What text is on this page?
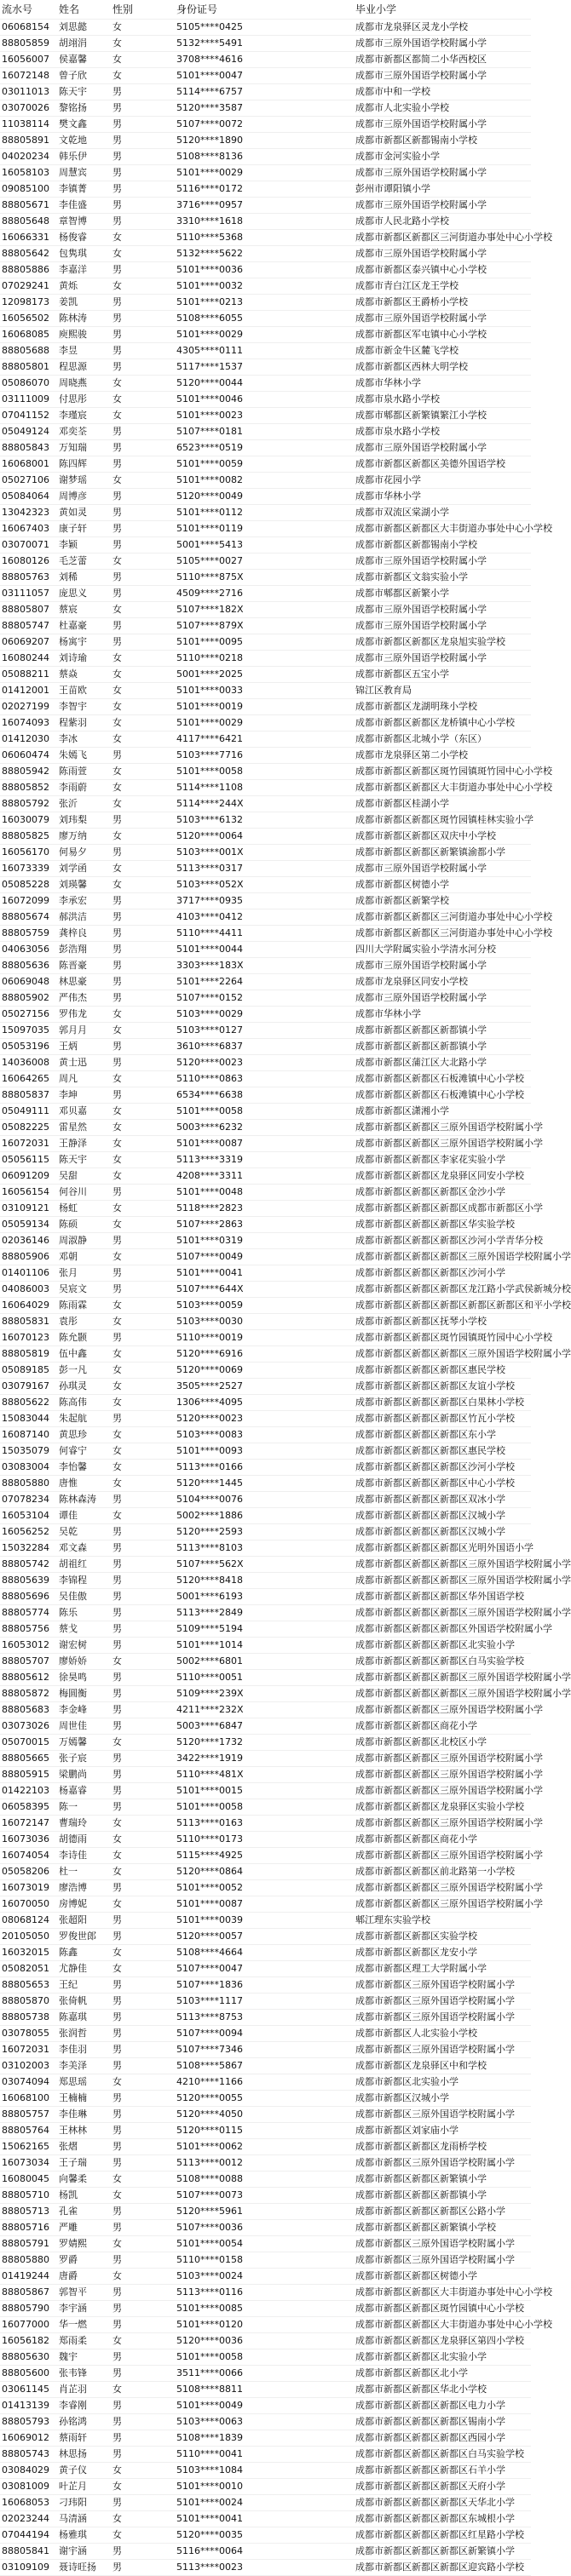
流水号	姓名	性别	身份证号	毕业小学
06068154	刘思懿	女	5105****0425	成都市龙泉驿区灵龙小学校
88805859	胡翊涓	女	5132****5491	成都市三原外国语学校附属小学
16056007	侯嘉馨	女	3708****4616	成都市新都区都简二小华西校区
16072148	曾子欣	女	5101****0047	成都市三原外国语学校附属小学
03011013	陈天宇	男	5114****6757	成都市中和一学校
03070026	黎铭扬	男	5120****3587	成都市人北实验小学校
11038114	樊文鑫	男	5107****0072	成都市三原外国语学校附属小学
88805891	文乾地	男	5120****1890	成都市新都区新都锡南小学校
04020234	韩乐伊	男	5108****8136	成都市金河实验小学
16058103	周慧宾	男	5101****0029	成都市三原外国语学校附属小学
09085100	李镇菁	男	5116****0172	彭州市谭阳镇小学
88805671	李佳盛	男	3716****0957	成都市三原外国语学校附属小学
88805648	章智博	男	3310****1618	成都市人民北路小学校
16066331	杨俊睿	女	5110****5368	成都市新都区新都区三河街道办事处中心小学校
88805642	包隽琪	女	5132****5622	成都市三原外国语学校附属小学
88805886	李嘉洋	男	5101****0036	成都市新都区泰兴镇中心小学校
07029241	黄烁	女	5101****0032	成都市青白江区龙王学校
12098173	姜凯	男	5101****0213	成都市新都区王爵桥小学校
16056502	陈林涛	男	5108****6055	成都市三原外国语学校附属小学
16068085	庾熙骏	男	5101****0029	成都市新都区军屯镇中心小学校
88805688	李昱	男	4305****0111	成都市新金牛区麓飞学校
88805801	程思源	男	5117****1537	成都市新都区西林大明学校
05086070	周晓燕	女	5120****0044	成都市华林小学
03111009	付思彤	女	5101****0046	成都市泉水路小学校
07041152	李瑾宸	女	5101****0023	成都市郫都区新繁镇繁江小学校
05049124	邓奕荃	男	5107****0181	成都市泉水路小学校
88805843	万知瑞	男	6523****0519	成都市三原外国语学校附属小学
16068001	陈四辉	男	5101****0059	成都市新都区新都区美德外国语学校
05027106	谢梦瑶	女	5101****0082	成都市花园小学
05084064	周博彦	男	5120****0049	成都市华林小学
13042323	黄如灵	男	5101****0112	成都市双流区棠湖小学
16067403	康子轩	男	5101****0119	成都市新都区新都区大丰街道办事处中心小学校
03070071	李颖	男	5001****5413	成都市新都区新都锡南小学校
16080126	毛芝蕾	女	5105****0027	成都市三原外国语学校附属小学
88805763	刘稀	男	5110****875X	成都市新都区文翁实验小学
03111057	庞思义	男	4509****2716	成都市郫都区新繁小学
88805807	蔡宸	女	5107****182X	成都市三原外国语学校附属小学
88805747	杜嘉豪	男	5107****879X	成都市三原外国语学校附属小学
06069207	杨寓宇	男	5101****0095	成都市新都区新都区龙泉旭实验学校
16080244	刘诗瑜	女	5110****0218	成都市三原外国语学校附属小学
05088211	蔡焱	女	5001****2025	成都市新都区五宝小学
01412001	王苗欧	女	5101****0033	锦江区教育局
02027199	李智宇	女	5101****0019	成都市新都区龙湖明珠小学校
16074093	程紫羽	女	5101****0029	成都市新都区新都区龙桥镇中心小学校
01412030	李冰	女	4117****6421	成都市新都区北城小学（东区）
06060474	朱嫣飞	男	5103****7716	成都市龙泉驿区第二小学校
88805942	陈雨萱	女	5101****0058	成都市新都区新都区斑竹园镇斑竹园中心小学校
88805852	李雨蔚	女	5114****1108	成都市新都区新都区大丰街道办事处中心小学校
88805792	张沂	女	5114****244X	成都市新都区桂湖小学
16030079	刘玮梨	男	5103****6132	成都市新都区新都区斑竹园镇桂林实验小学
88805825	廖万纳	女	5120****0064	成都市新都区新都区双庆中小学校
16056170	何易夕	男	5103****001X	成都市新都区新都区新繁镇渝都小学
16073339	刘学函	女	5113****0317	成都市三原外国语学校附属小学
05085228	刘瑛馨	女	5103****052X	成都市新都区树德小学
16072099	李承宏	男	3717****0935	成都市新都区新繁学校
88805674	郝洪洁	男	4103****0412	成都市新都区新都区三河街道办事处中心小学校
88805759	龚梓良	男	5110****4411	成都市新都区新都区三河街道办事处中心小学校
04063056	彭浩翔	男	5101****0044	四川大学附属实验小学清水河分校
88805636	陈晋豪	男	3303****183X	成都市三原外国语学校附属小学
06069048	林思豪	男	5101****2264	成都市龙泉驿区同安小学校
88805902	严伟杰	男	5107****0152	成都市三原外国语学校附属小学
05027156	罗伟龙	女	5103****0029	成都市华林小学
15097035	郭月月	女	5103****0127	成都市新都区新都区新都镇小学
05053196	王炳	男	3610****6837	成都市新都区新都区新都镇小学
14036008	黄士迅	男	5120****0023	成都市新都区蒲江区大北路小学
16064265	周凡	女	5110****0863	成都市新都区新都区石板滩镇中心小学校
88805837	李坤	男	6534****6638	成都市新都区新都区石板滩镇中心小学校
05049111	邓贝嘉	女	5101****0058	成都市新都区潇湘小学
05082225	雷星然	女	5003****6232	成都市新都区新都区三原外国语学校附属小学
16072031	王静泽	女	5101****0087	成都市新都区新都区三原外国语学校附属小学
05056115	陈天宇	女	5113****3319	成都市新都区新都区李家花实验小学
06091209	吴甜	女	4208****3311	成都市新都区新都区龙泉驿区同安小学校
16056154	何谷川	男	5101****0048	成都市新都区新都区新都区金沙小学
03109121	杨虹	女	5118****2823	成都市新都区新都区新都区成都市新都区小学
05059134	陈硕	女	5107****2863	成都市新都区新都区新都区华实验学校
02036146	周淑静	男	5101****0319	成都市新都区新都区新都区沙河小学青华分校
88805906	邓朝	女	5107****0049	成都市新都区新都区新都区三原外国语学校附属小学
01401106	张月	男	5101****0041	成都市新都区新都区新都区沙河小学
04086003	吴宸文	男	5107****644X	成都市新都区新都区新都区龙江路小学武侯新城分校
16064029	陈雨霖	女	5103****0059	成都市新都区新都区新都区新都区新都区和平小学校
88805831	袁彤	女	5103****0030	成都市新都区新都区抚琴小学校
16070123	陈允颢	男	5110****0019	成都市新都区新都区斑竹园镇斑竹园中心小学校
88805819	伍中鑫	女	5120****6916	成都市新都区新都区新都区三原外国语学校附属小学
05089185	彭一凡	女	5120****0069	成都市新都区新都区新都区惠民学校
03079167	孙琪灵	女	3505****2527	成都市新都区新都区新都区友谊小学校
88805622	陈高伟	女	1306****4095	成都市新都区新都区新都区白果林小学校
15083044	朱起航	男	5120****0023	成都市新都区新都区新都区竹瓦小学校
16087140	黄思珍	女	5103****0083	成都市新都区新都区新都区东小学
15035079	何睿宁	女	5101****0093	成都市新都区新都区新都区惠民学校
03083004	李怡馨	女	5113****0166	成都市新都区新都区新都区沙河小学校
88805880	唐惟	女	5120****1445	成都市新都区新都区新都区中心小学校
07078234	陈林森涛	男	5104****0076	成都市新都区新都区新都区双冰小学
16053104	谭佳	女	5002****1886	成都市新都区新都区新都区汉城小学
16056252	吴乾	男	5120****2593	成都市新都区新都区新都区汉城小学
15032284	邓文森	男	5113****8103	成都市新都区新都区新都区光明外国语小学
88805742	胡祖红	男	5107****562X	成都市新都区新都区新都区三原外国语学校附属小学
88805639	李锦程	男	5120****8418	成都市新都区新都区新都区三原外国语学校附属小学
88805696	吴佳傲	男	5001****6193	成都市新都区新都区新都区华外国语学校
88805774	陈乐	男	5113****2849	成都市新都区新都区新都区三原外国语学校附属小学
88805756	蔡戈	男	5109****5194	成都市新都区新都区新都区外国语学校附属小学
16053012	谢宏树	男	5101****1014	成都市新都区新都区新都区北实验小学
88805707	廖娇娇	女	5002****6801	成都市新都区新都区新都区白马实验学校
88805612	徐昊鸣	男	5110****0051	成都市新都区新都区新都区三原外国语学校附属小学
88805872	梅圆衡	男	5109****239X	成都市新都区新都区新都区三原外国语学校附属小学
88805683	李金峰	男	4211****232X	成都市新都区新都区三原外国语学校附属小学
03073026	周世佳	男	5003****6847	成都市新都区新都区商花小学
05070015	万嫣馨	女	5120****1732	成都市新都区新都区北校区小学
88805665	张子宸	男	3422****1919	成都市新都区新都区三原外国语学校附属小学
88805915	梁鹏尚	男	5110****481X	成都市新都区新都区三原外国语学校附属小学
01422103	杨嘉睿	男	5101****0015	成都市新都区新都区三原外国语学校附属小学
06058395	陈一	男	5101****0058	成都市新都区新都区龙泉驿区实验小学校
16072147	曹瑞玲	女	5113****0163	成都市新都区新都区三原外国语学校附属小学
16073036	胡德雨	女	5110****0173	成都市新都区新都区商花小学
16074054	李诗佳	女	5115****4925	成都市新都区新都区三原外国语学校附属小学
05058206	杜一	女	5120****0864	成都市新都区新都区前北路第一小学校
16073019	廖浩博	男	5101****0052	成都市新都区新都区三原外国语学校附属小学
16070050	房博妮	女	5101****0087	成都市新都区新都区三原外国语学校附属小学
08068124	张超阳	男	5101****0039	郫江理东实验学校
20105050	罗俊世郎	男	5120****0057	成都市新都区新都区实验学校
16032015	陈鑫	女	5108****4664	成都市新都区新都区龙安小学
05082051	尤静佳	女	5107****0047	成都市新都区理工大学附属小学
88805653	王纪	男	5107****1836	成都市新都区三原外国语学校附属小学
88805870	张倚帆	男	5103****1117	成都市新都区三原外国语学校附属小学
88805738	陈嘉琪	男	5113****8753	成都市新都区三原外国语学校附属小学
03078055	张润哲	男	5107****0094	成都市新都区人北实验小学校
16072031	李佳羽	男	5107****7346	成都市新都区三原外国语学校附属小学
03102003	李美泽	男	5108****5867	成都市新都区龙泉驿区中和学校
03074094	郑思瑶	女	4210****1166	成都市新都区北实验小学
16068100	王楠楠	男	5120****0055	成都市新都区汉城小学
88805757	李佳琳	男	5120****4050	成都市新都区三原外国语学校附属小学
88805764	王林林	男	5120****0115	成都市新都区刘家庙小学
15062165	张熠	男	5101****0062	成都市新都区新都区龙雨桥学校
16073034	王子瑞	男	5113****0012	成都市新都区三原外国语学校附属小学
16080045	向馨柔	女	5108****0088	成都市新都区新都区新繁镇小学
88805710	杨凯	女	5107****0073	成都市新都区新都区新都镇小学
88805713	孔雀	男	5120****5961	成都市新都区新都区新都区公路小学
88805716	严雕	男	5107****0036	成都市新都区新都区新繁镇小学校
88805791	罗婧熙	女	5101****0054	成都市新都区三原外国语学校附属小学
88805880	罗爵	男	5110****0158	成都市新都区三原外国语学校附属小学
01419244	唐爵	女	5103****0024	成都市新都区新都区树德小学
88805867	郭智平	男	5113****0116	成都市新都区新都区大丰街道办事处中心小学校
88805790	李宇涵	男	5101****0085	成都市新都区新都区斑竹园镇中心小学校
16077000	华一燃	男	5101****0120	成都市新都区新都区大丰街道办事处中心小学校
16056182	郑雨柔	女	5120****0036	成都市新都区新都区龙泉驿区第四小学校
88805630	魏宇	男	5101****0058	成都市新都区新都区北实验小学
88805600	张韦锋	男	3511****0066	成都市新都区新都区北小学
03061145	肖芷羽	女	5108****8811	成都市新都区新都区华北小学校
01413139	李睿刚	男	5101****0049	成都市新都区新都区新都区电力小学
88805793	孙铭鸿	男	5103****0063	成都市新都区新都区新都区锡南小学
16069012	蔡雨轩	男	5108****1839	成都市新都区新都区新都区西园小学
88805743	林思扬	男	5110****0041	成都市新都区新都区新都区白马实验学校
03084029	黄子仪	女	5103****1084	成都市新都区新都区新都区石羊小学
03081009	叶芷月	女	5101****0010	成都市新都区新都区新都区天府小学
16068053	刁玮阳	男	5101****0024	成都市新都区新都区新都区天华北小学
02023244	马清涵	女	5101****0041	成都市新都区新都区新都区东城根小学
07044194	杨雅琪	女	5120****0035	成都市新都区新都区新都区红星路小学校
88805841	谢宇涵	男	5116****0064	成都市新都区新都区新都区新繁镇小学
03109109	聂诗旺扬	男	5113****0023	成都市新都区新都区新都区迎宾路小学校
